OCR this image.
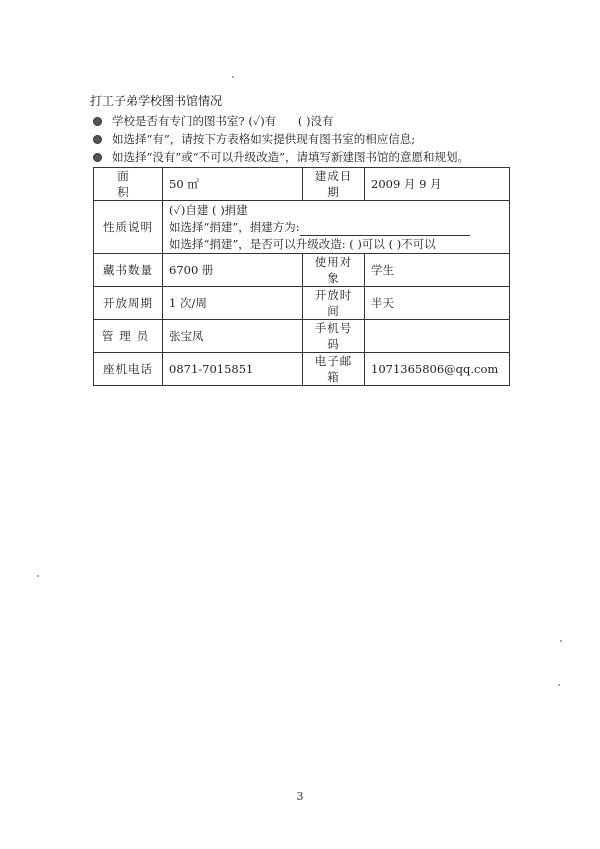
打工子弟学校图书馆情况
学校是否有专门的图书室? (✓)有 ( )没有
如选择“有”，请按下方表格如实提供现有图书室的相应信息;
如选择“没有”或“不可以升级改造”，请填写新建图书馆的意愿和规划。
面 积	50 ㎡	建成日期	2009 月 9 月
性质说明	(✓)自建 ( )捐建
如选择“捐建”，捐建方为:
如选择“捐建”，是否可以升级改造: ( )可以 ( )不可以		

藏书数量	6700 册	使用对象	学生
开放周期	1 次/周	开放时间	半天
管理员	张宝凤	手机号码	
座机电话	0871-7015851	电子邮箱	1071365806@qq.com
3
